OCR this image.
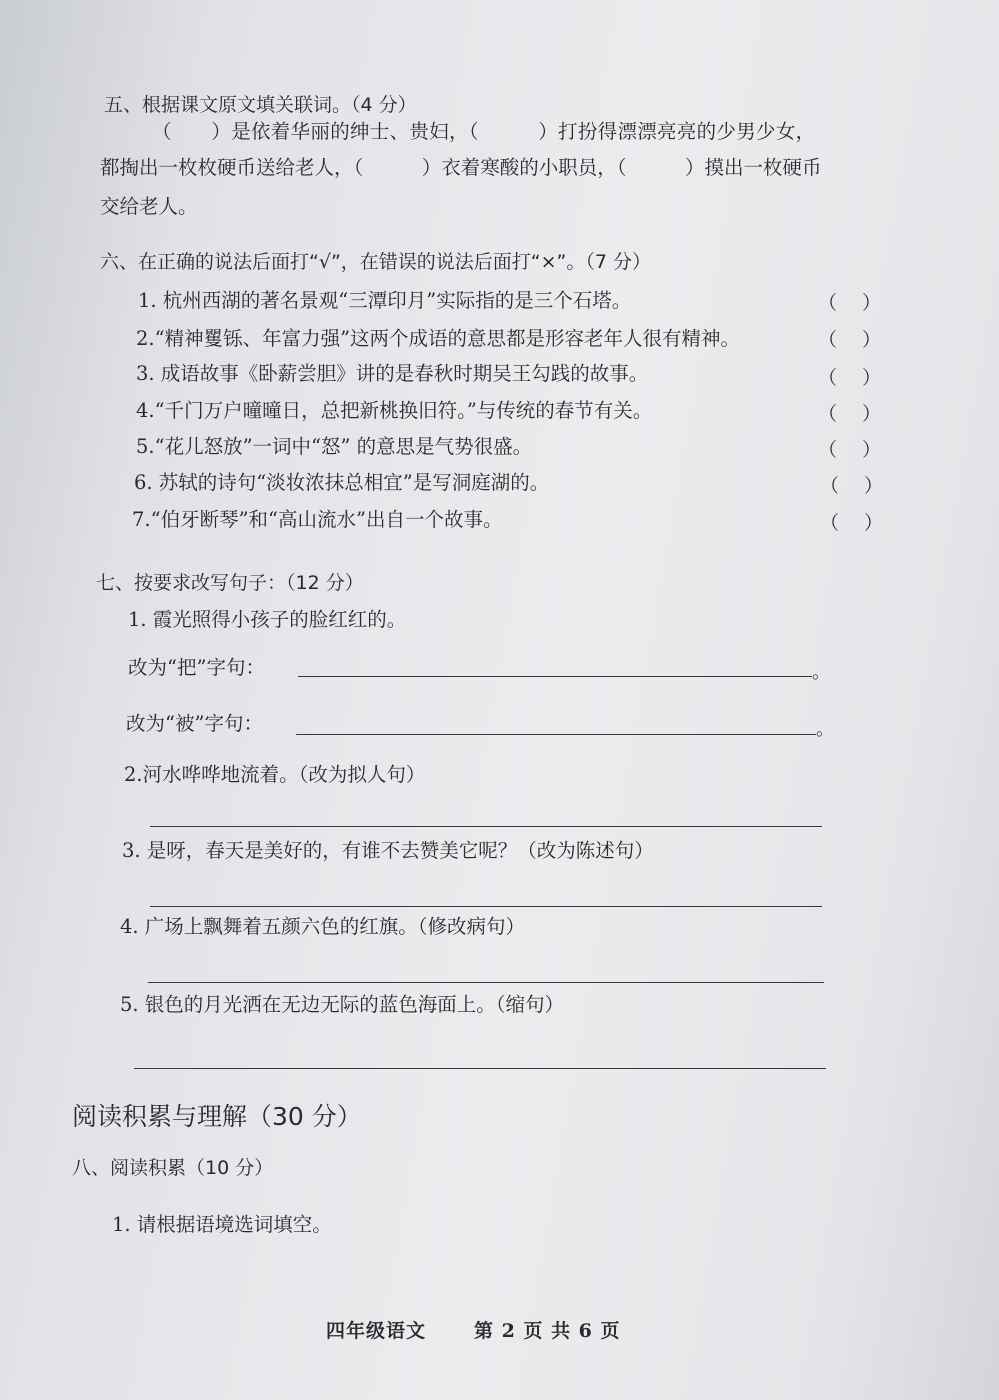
五、根据课文原文填关联词。（4 分）
（　　）是依着华丽的绅士、贵妇，（　　　）打扮得漂漂亮亮的少男少女，
都掏出一枚枚硬币送给老人，（　　　）衣着寒酸的小职员，（　　　）摸出一枚硬币
交给老人。
六、在正确的说法后面打“√”，在错误的说法后面打“×”。（7 分）
1. 杭州西湖的著名景观“三潭印月”实际指的是三个石塔。	（　 ）
2.“精神矍铄、年富力强”这两个成语的意思都是形容老年人很有精神。	（　 ）
3. 成语故事《卧薪尝胆》讲的是春秋时期吴王勾践的故事。	（　 ）
4.“千门万户曈曈日，总把新桃换旧符。”与传统的春节有关。	（　 ）
5.“花儿怒放”一词中“怒” 的意思是气势很盛。	（　 ）
6. 苏轼的诗句“淡妆浓抹总相宜”是写洞庭湖的。	（　 ）
7.“伯牙断琴”和“高山流水”出自一个故事。	（　 ）
七、按要求改写句子：（12 分）
1. 霞光照得小孩子的脸红红的。
改为“把”字句：	。
改为“被”字句：	。
2.河水哗哗地流着。（改为拟人句）
3. 是呀，春天是美好的，有谁不去赞美它呢？（改为陈述句）
4. 广场上飘舞着五颜六色的红旗。（修改病句）
5. 银色的月光洒在无边无际的蓝色海面上。（缩句）
阅读积累与理解（30 分）
八、阅读积累（10 分）
1. 请根据语境选词填空。
四年级语文	第 2 页 共 6 页
